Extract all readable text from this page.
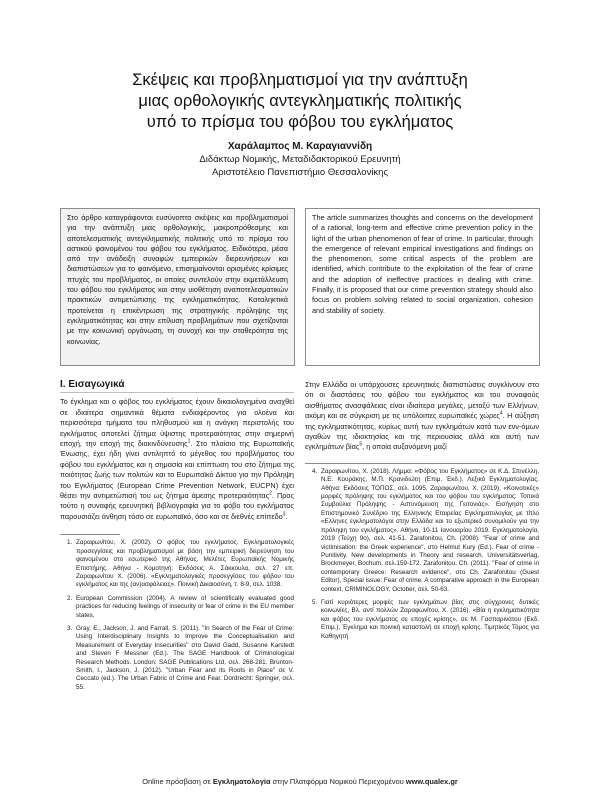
Σκέψεις και προβληματισμοί για την ανάπτυξη
μιας ορθολογικής αντεγκληματικής πολιτικής
υπό το πρίσμα του φόβου του εγκλήματος
Χαράλαμπος Μ. Καραγιαννίδη
Διδάκτωρ Νομικής, Μεταδιδακτορικού Ερευνητή
Αριστοτέλειο Πανεπιστήμιο Θεσσαλονίκης
Στο άρθρο καταγράφονται ευσύνοπτα σκέψεις και προβληματισμοί για την ανάπτυξη μιας ορθολογικής, μακροπρόθεσμης και αποτελεσματικής αντεγκληματικής πολιτικής υπό το πρίσμα του αστικού φαινομένου του φόβου του εγκλήματος. Ειδικότερα, μέσα από την ανάδειξη συναφών εμπειρικών διερευνήσεων και διαπιστώσεων για το φαινόμενο, επισημαίνονται ορισμένες κρίσιμες πτυχές του προβλήματος, οι οποίες συντελούν στην εκμετάλλευση του φόβου του εγκλήματος και στην υιοθέτηση αναποτελεσματικών πρακτικών αντιμετώπισης της εγκληματικότητας. Καταληκτικά προτείνεται η επικέντρωση της στρατηγικής πρόληψης της εγκληματικότητας και στην επίλυση προβλημάτων που σχετίζονται με την κοινωνική οργάνωση, τη συνοχή και την σταθερότητα της κοινωνίας.
The article summarizes thoughts and concerns on the development of a rational, long-term and effective crime prevention policy in the light of the urban phenomenon of fear of crime. In particular, through the emergence of relevant empirical investigations and findings on the phenomenon, some critical aspects of the problem are identified, which contribute to the exploitation of the fear of crime and the adoption of ineffective practices in dealing with crime. Finally, it is proposed that our crime prevention strategy should also focus on problem solving related to social organization, cohesion and stability of society.
I. Εισαγωγικά

Το έγκλημα και ο φόβος του εγκλήματος έχουν δικαιολογημένα αναχθεί σε ιδιαίτερα σημαντικά θέματα ενδιαφέροντος για ολοένα και περισσότερα τμήματα του πληθυσμού και η ανάγκη περιστολής του εγκλήματος αποτελεί ζήτημα ύψιστης προτεραιότητας στην σημερινή εποχή, την εποχή της διακινδύνευσης$^1$. Στο πλαίσιο της Ευρωπαϊκής Ένωσης, έχει ήδη γίνει αντιληπτό το μέγεθος του προβλήματος του φόβου του εγκλήματος και η σημασία και επίπτωση του στο ζήτημα της ποιότητας ζωής των πολιτών και το Ευρωπαϊκό Δίκτυο για την Πρόληψη του Εγκλήματος (European Crime Prevention Network, EUCPN) έχει θέσει την αντιμετώπισή του ως ζήτημα άμεσης προτεραιότητας$^2$. Προς τούτο η συναφής ερευνητική βιβλιογραφία για το φόβο του εγκλήματος παρουσιάζει άνθηση τόσο σε ευρωπαϊκό, όσο και σε διεθνές επίπεδο$^3$.

1. Ζαραφωνίτου, Χ. (2002). Ο φόβος του εγκλήματος. Εγκληματολογικές προσεγγίσεις και προβληματισμοί με βάση την εμπειρική διερεύνηση του φαινομένου στο εσωτερικό της Αθήνας. Μελέτες Ευρωπαϊκής Νομικής Επιστήμης. Αθήνα - Κομοτηνή: Εκδόσεις Α. Σάκκουλα, σελ. 27 επ. Ζαραφωνίτου Χ. (2006). «Εγκληματολογικές προσεγγίσεις του φόβου του εγκλήματος και της (αν)ασφάλειας». Ποινική Δικαιοσύνη, τ. 8-9, σελ. 1038.
2. European Commission (2004). A review of scientifically evaluated good practices for reducing feelings of insecurity or fear of crime in the EU member states.
3. Gray, E., Jackson, J. and Farrall, S. (2011). "In Search of the Fear of Crime: Using Interdisciplinary Insights to Improve the Conceptualisation and Measurement of Everyday Insecurities" στο David Gadd, Susanne Karstedt and Steven F Messner (Ed.). The SAGE Handbook of Criminological Research Methods. London: SAGE Publications Ltd, σελ. 268-281. Brunton-Smith, I., Jackson, J. (2012). "Urban Fear and its Roots in Place" σε V. Ceccato (ed.). The Urban Fabric of Crime and Fear. Dordrecht: Springer, σελ. 55.

Στην Ελλάδα οι υπάρχουσες ερευνητικές διαπιστώσεις συγκλίνουν στο ότι οι διαστάσεις του φόβου του εγκλήματος και του συναφούς αισθήματος ανασφάλειας είναι ιδιαίτερα μεγάλες, μεταξύ των Ελλήνων, ακόμη και σε σύγκριση με τις υπόλοιπες ευρωπαϊκές χώρες$^4$. Η αύξηση της εγκληματικότητας, κυρίως αυτή των εγκλημάτων κατά των ενν-όμων αγαθών της ιδιοκτησίας και της περιουσίας αλλά και αυτή των εγκλημάτων βίας$^5$, η οποία αυξανόμενη μαζί

4. Ζαραφωνίτου, Χ. (2018). Λήμμα: «Φόβος του Εγκλήματος» σε Κ.Δ. Σπινέλλη, Ν.Ε. Κουράκης, Μ.Π. Κρανιδιώτη (Επιμ. Έκδ.). Λεξικό Εγκληματολογίας. Αθήνα: Εκδόσεις ΤΟΠΟΣ, σελ. 1095. Ζαραφωνίτου, Χ. (2019). «Κοινοτικές» μορφές πρόληψης του εγκλήματος και του φόβου του εγκλήματος: Τοπικά Συμβούλια Πρόληψης - Αστυνόμευση της Γειτονιάς». Εισήγηση στο Επιστημονικό Συνέδριο της Ελληνικής Εταιρείας Εγκληματολογίας με τίτλο «Ελληνες εγκληματολόγοι στην Ελλάδα και το εξωτερικό συνομιλούν για την πρόληψη του εγκλήματος». Αθήνα, 10-11 Ιανουαρίου 2019. Εγκληματολογία, 2019 (Τεύχη 9ο), σελ. 41-51. Zarafonitou, Ch. (2008). "Fear of crime and victimisation: the Greek experience", στο Helmut Kury (Ed.). Fear of crime - Punitivity. New developments in Theory and research. Universitätsverlag, Brockmeyer, Bochum, σελ.159-172. Zarafonitou, Ch. (2011). "Fear of crime in contemporary Greece: Research evidence", στο Ch. Zarafonitou (Guest Editor), Special issue: Fear of crime. A comparative approach in the European context, CRIMINOLOGY, October, σελ. 50-63.
5. Γιατί κυριότερες μορφές των εγκλημάτων βίας στις σύγχρονες δυτικές κοινωνίες, Βλ. αντί πολλών Ζαραφωνίτου, Χ. (2016). «Βία η εγκληματικότητα και φόβος του εγκλήματος σε εποχές κρίσης», σε Μ. Γασπαρινάτου (Εκδ. Επιμ.), Έγκλημα και ποινική καταστολή σε εποχή κρίσης. Τιμητικός Τόμος για Καθηγητή
Online πρόσβαση σε Εγκληματολογία στην Πλατφόρμα Νομικού Περιεχομένου www.qualex.gr
